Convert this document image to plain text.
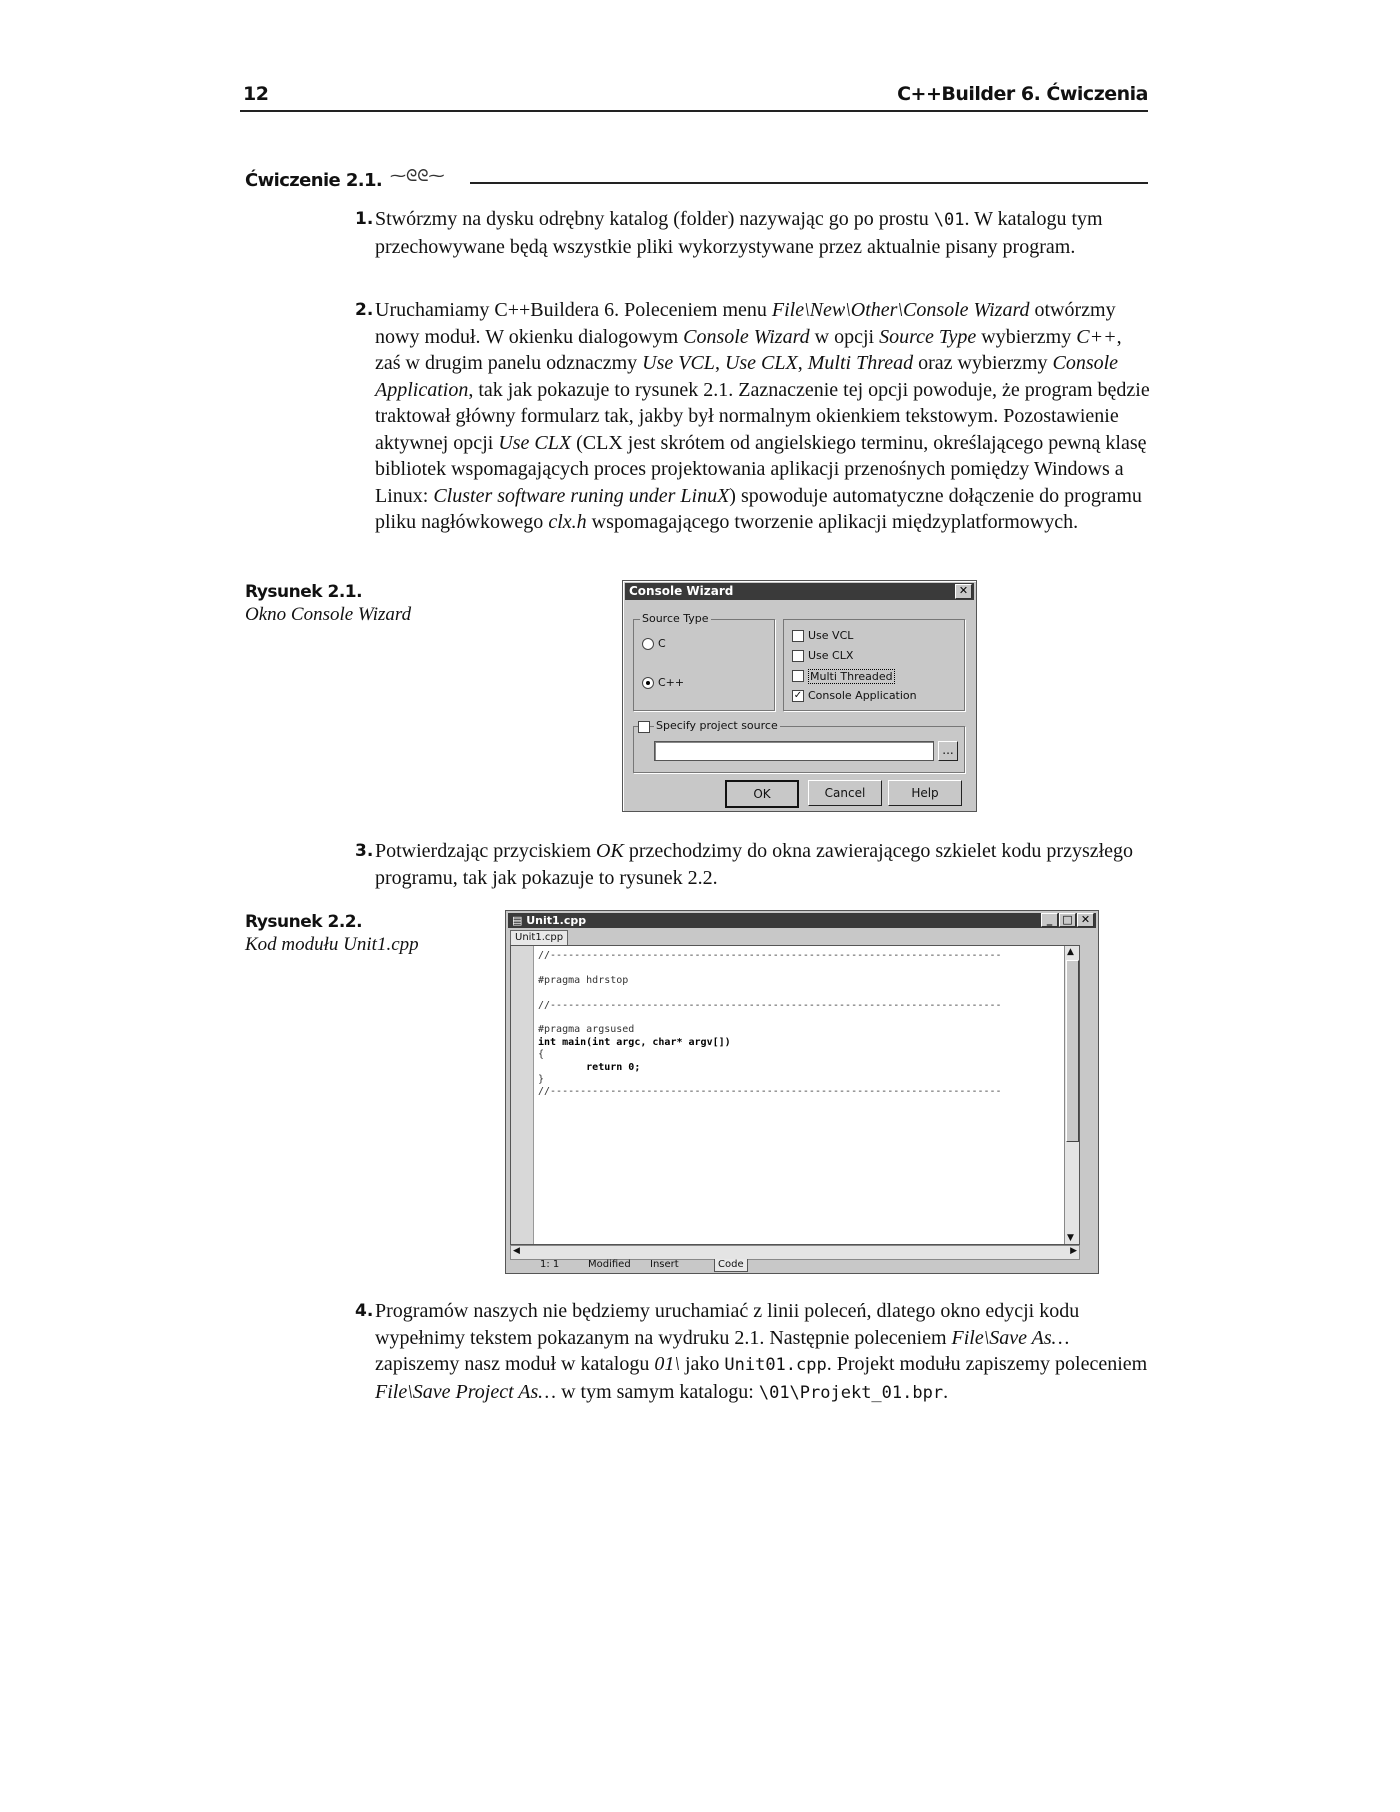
12	C++Builder 6. Ćwiczenia
Ćwiczenie 2.1. ⁓ᘓᘓ⁓
1. Stwórzmy na dysku odrębny katalog (folder) nazywając go po prostu \01. W katalogu tym przechowywane będą wszystkie pliki wykorzystywane przez aktualnie pisany program.
2. Uruchamiamy C++Buildera 6. Poleceniem menu File\New\Other\Console Wizard otwórzmy nowy moduł. W okienku dialogowym Console Wizard w opcji Source Type wybierzmy C++, zaś w drugim panelu odznaczmy Use VCL, Use CLX, Multi Thread oraz wybierzmy Console Application, tak jak pokazuje to rysunek 2.1. Zaznaczenie tej opcji powoduje, że program będzie traktował główny formularz tak, jakby był normalnym okienkiem tekstowym. Pozostawienie aktywnej opcji Use CLX (CLX jest skrótem od angielskiego terminu, określającego pewną klasę bibliotek wspomagających proces projektowania aplikacji przenośnych pomiędzy Windows a Linux: Cluster software runing under LinuX) spowoduje automatyczne dołączenie do programu pliku nagłówkowego clx.h wspomagającego tworzenie aplikacji międzyplatformowych.
Rysunek 2.1.
Okno Console Wizard
Console Wizard	✕
Source Type
C
C++
Use VCL
Use CLX
Multi Threaded
✓ Console Application
Specify project source
...
OK	Cancel	Help
3. Potwierdzając przyciskiem OK przechodzimy do okna zawierającego szkielet kodu przyszłego programu, tak jak pokazuje to rysunek 2.2.
Rysunek 2.2.
Kod modułu Unit1.cpp
▤ Unit1.cpp	_ □ ✕
Unit1.cpp
//---------------------------------------------------------------------------
#pragma hdrstop
//---------------------------------------------------------------------------
#pragma argsused
int main(int argc, char* argv[])
{
return 0;
}
//---------------------------------------------------------------------------
▲
▼
◀	▶
1: 1	Modified Insert	Code
4. Programów naszych nie będziemy uruchamiać z linii poleceń, dlatego okno edycji kodu wypełnimy tekstem pokazanym na wydruku 2.1. Następnie poleceniem File\Save As… zapiszemy nasz moduł w katalogu 01\ jako Unit01.cpp. Projekt modułu zapiszemy poleceniem File\Save Project As… w tym samym katalogu: \01\Projekt_01.bpr.
